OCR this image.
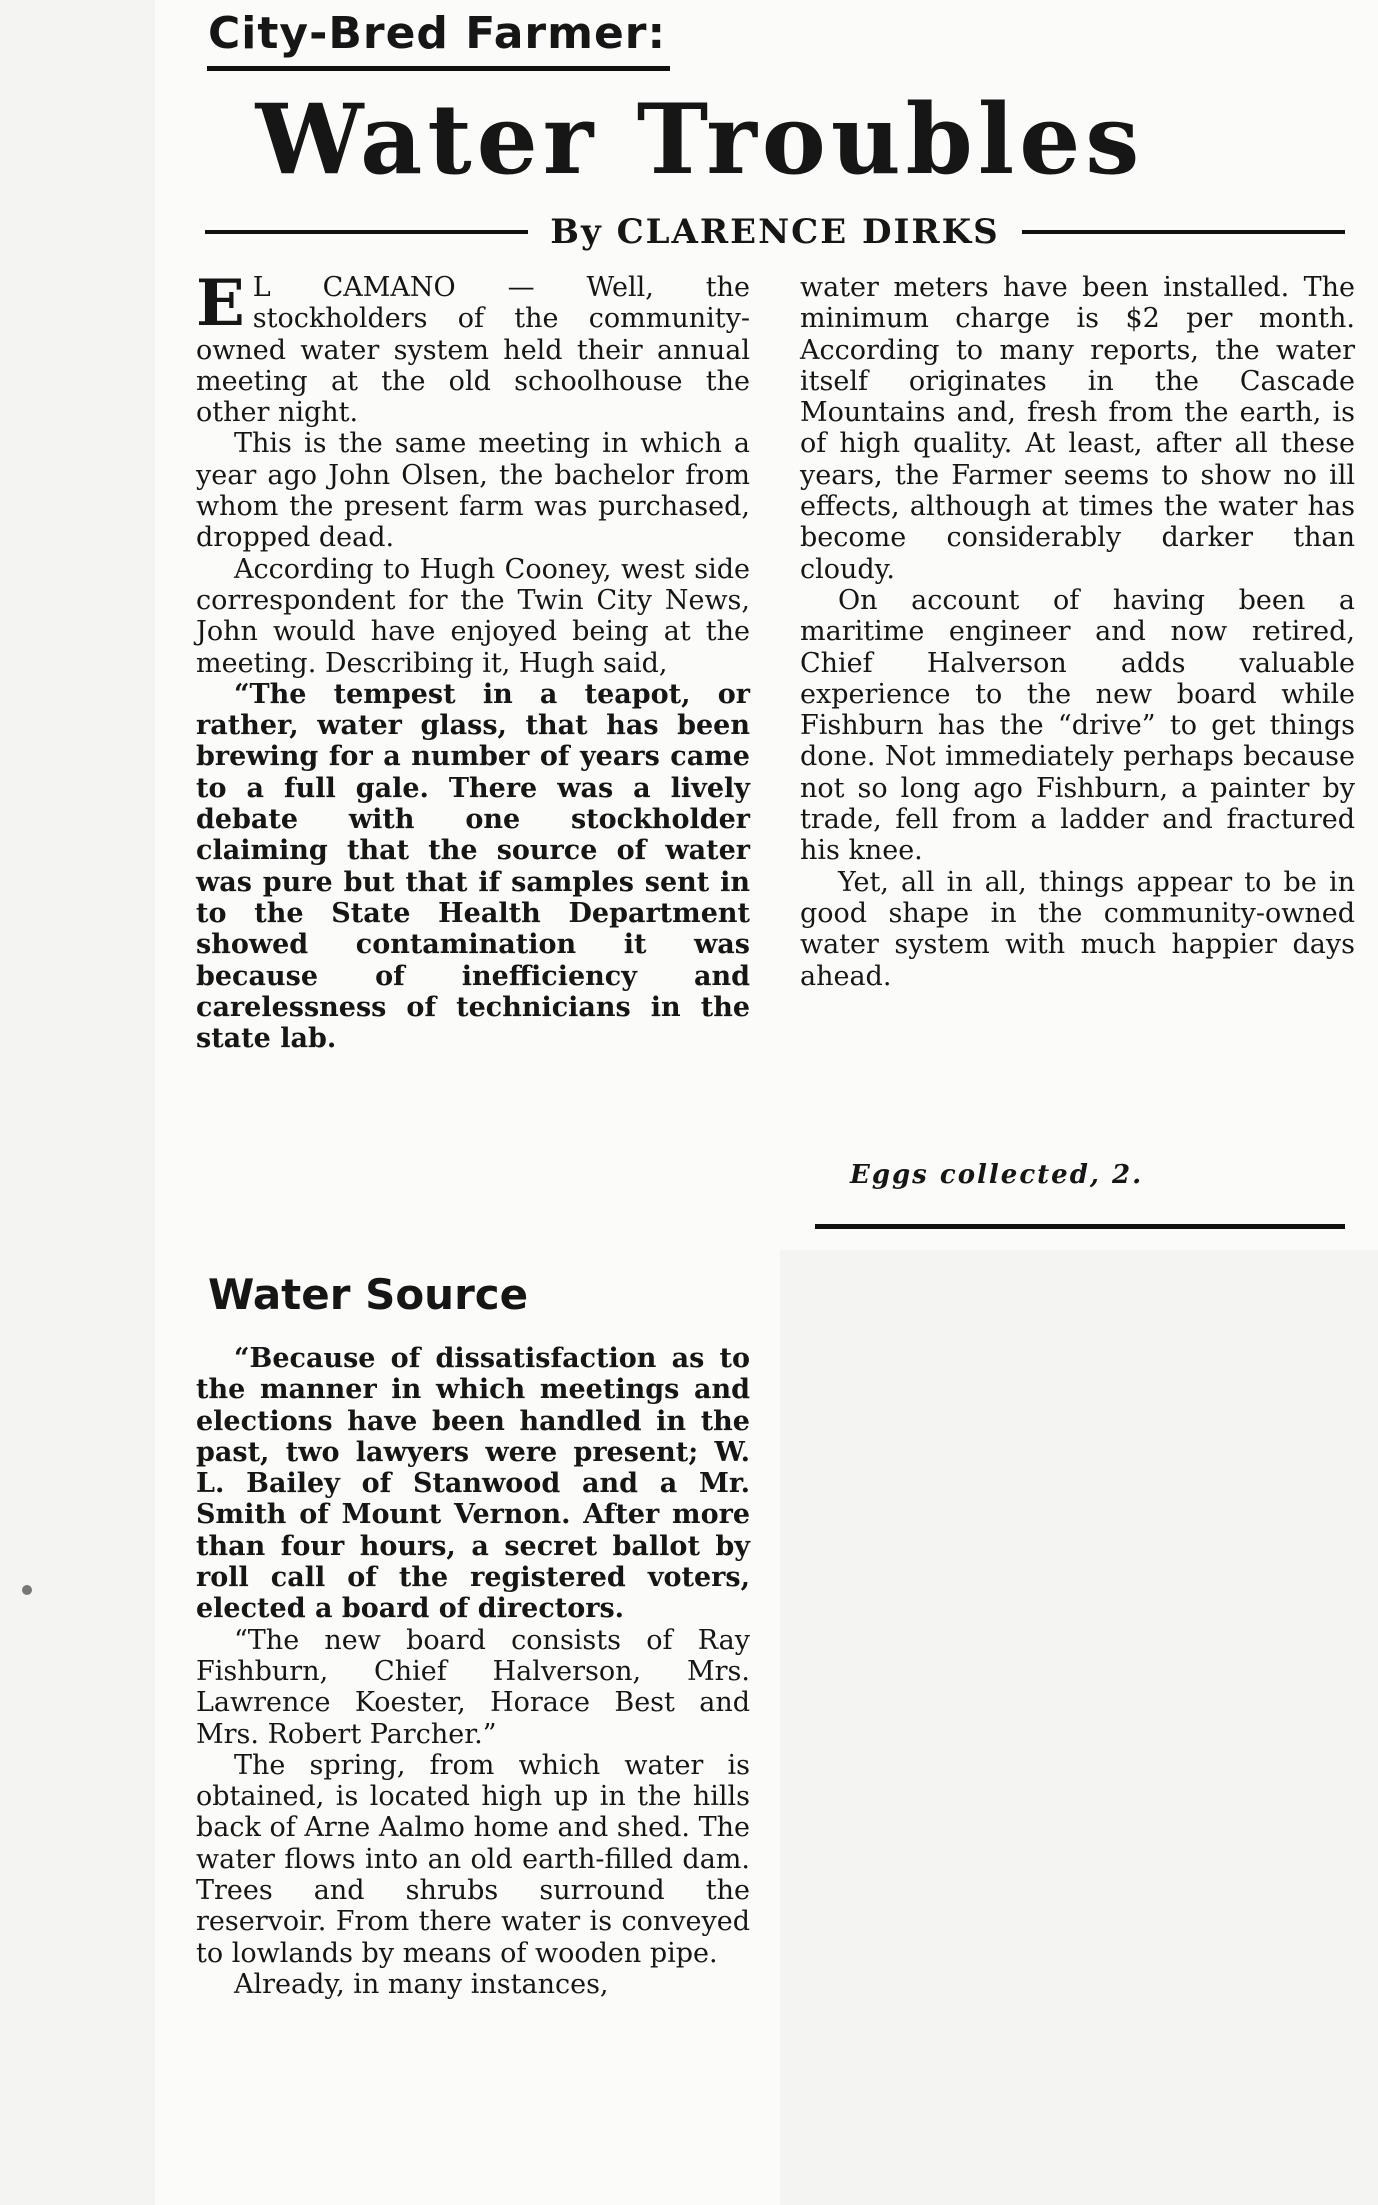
City-Bred Farmer:
Water Troubles
By CLARENCE DIRKS

E L CAMANO — Well, the stockholders of the community-owned water system held their annual meeting at the old schoolhouse the other night.

This is the same meeting in which a year ago John Olsen, the bachelor from whom the present farm was purchased, dropped dead.

According to Hugh Cooney, west side correspondent for the Twin City News, John would have enjoyed being at the meeting. Describing it, Hugh said,

“The tempest in a teapot, or rather, water glass, that has been brewing for a number of years came to a full gale. There was a lively debate with one stockholder claiming that the source of water was pure but that if samples sent in to the State Health Department showed contamination it was because of inefficiency and carelessness of technicians in the state lab.

Water Source

“Because of dissatisfaction as to the manner in which meetings and elections have been handled in the past, two lawyers were present; W. L. Bailey of Stanwood and a Mr. Smith of Mount Vernon. After more than four hours, a secret ballot by roll call of the registered voters, elected a board of directors.

“The new board consists of Ray Fishburn, Chief Halverson, Mrs. Lawrence Koester, Horace Best and Mrs. Robert Parcher.”

The spring, from which water is obtained, is located high up in the hills back of Arne Aalmo home and shed. The water flows into an old earth-filled dam. Trees and shrubs surround the reservoir. From there water is conveyed to lowlands by means of wooden pipe.

Already, in many instances,

water meters have been installed. The minimum charge is $2 per month. According to many reports, the water itself originates in the Cascade Mountains and, fresh from the earth, is of high quality. At least, after all these years, the Farmer seems to show no ill effects, although at times the water has become considerably darker than cloudy.

On account of having been a maritime engineer and now retired, Chief Halverson adds valuable experience to the new board while Fishburn has the “drive” to get things done. Not immediately perhaps because not so long ago Fishburn, a painter by trade, fell from a ladder and fractured his knee.

Yet, all in all, things appear to be in good shape in the community-owned water system with much happier days ahead.

Eggs collected, 2.
